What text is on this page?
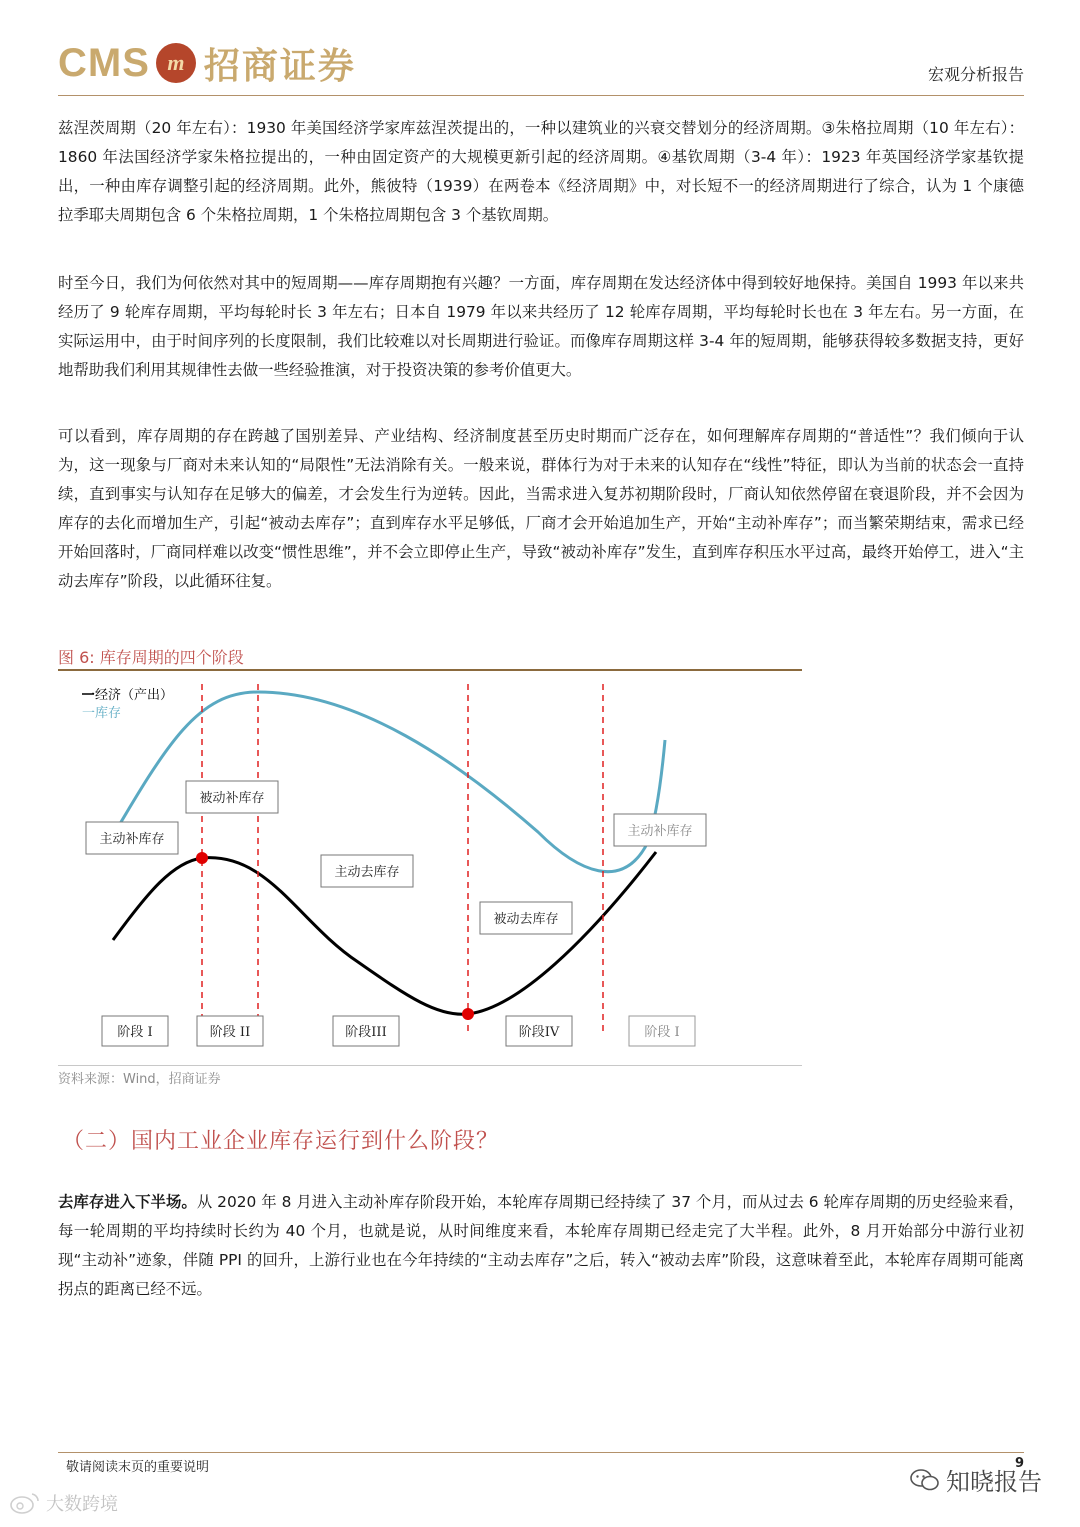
CMS m 招商证券	宏观分析报告

兹涅茨周期（20 年左右）：1930 年美国经济学家库兹涅茨提出的，一种以建筑业的兴衰交替划分的经济周期。③朱格拉周期（10 年左右）：1860 年法国经济学家朱格拉提出的，一种由固定资产的大规模更新引起的经济周期。④基钦周期（3-4 年）：1923 年英国经济学家基钦提出，一种由库存调整引起的经济周期。此外，熊彼特（1939）在两卷本《经济周期》中，对长短不一的经济周期进行了综合，认为 1 个康德拉季耶夫周期包含 6 个朱格拉周期，1 个朱格拉周期包含 3 个基钦周期。

时至今日，我们为何依然对其中的短周期——库存周期抱有兴趣？一方面，库存周期在发达经济体中得到较好地保持。美国自 1993 年以来共经历了 9 轮库存周期，平均每轮时长 3 年左右；日本自 1979 年以来共经历了 12 轮库存周期，平均每轮时长也在 3 年左右。另一方面，在实际运用中，由于时间序列的长度限制，我们比较难以对长周期进行验证。而像库存周期这样 3-4 年的短周期，能够获得较多数据支持，更好地帮助我们利用其规律性去做一些经验推演，对于投资决策的参考价值更大。

可以看到，库存周期的存在跨越了国别差异、产业结构、经济制度甚至历史时期而广泛存在，如何理解库存周期的“普适性”？我们倾向于认为，这一现象与厂商对未来认知的“局限性”无法消除有关。一般来说，群体行为对于未来的认知存在“线性”特征，即认为当前的状态会一直持续，直到事实与认知存在足够大的偏差，才会发生行为逆转。因此，当需求进入复苏初期阶段时，厂商认知依然停留在衰退阶段，并不会因为库存的去化而增加生产，引起“被动去库存”；直到库存水平足够低，厂商才会开始追加生产，开始“主动补库存”；而当繁荣期结束，需求已经开始回落时，厂商同样难以改变“惯性思维”，并不会立即停止生产，导致“被动补库存”发生，直到库存积压水平过高，最终开始停工，进入“主动去库存”阶段，以此循环往复。

图 6: 库存周期的四个阶段
一经济（产出）
一库存
主动补库存
被动补库存
主动去库存
被动去库存
主动补库存
阶段 I	阶段 II	阶段III	阶段IV	阶段 I
资料来源：Wind，招商证券
（二）国内工业企业库存运行到什么阶段？

去库存进入下半场。从 2020 年 8 月进入主动补库存阶段开始，本轮库存周期已经持续了 37 个月，而从过去 6 轮库存周期的历史经验来看，每一轮周期的平均持续时长约为 40 个月，也就是说，从时间维度来看，本轮库存周期已经走完了大半程。此外，8 月开始部分中游行业初现“主动补”迹象，伴随 PPI 的回升，上游行业也在今年持续的“主动去库存”之后，转入“被动去库”阶段，这意味着至此，本轮库存周期可能离拐点的距离已经不远。

敬请阅读末页的重要说明	9
知晓报告
大数跨境
